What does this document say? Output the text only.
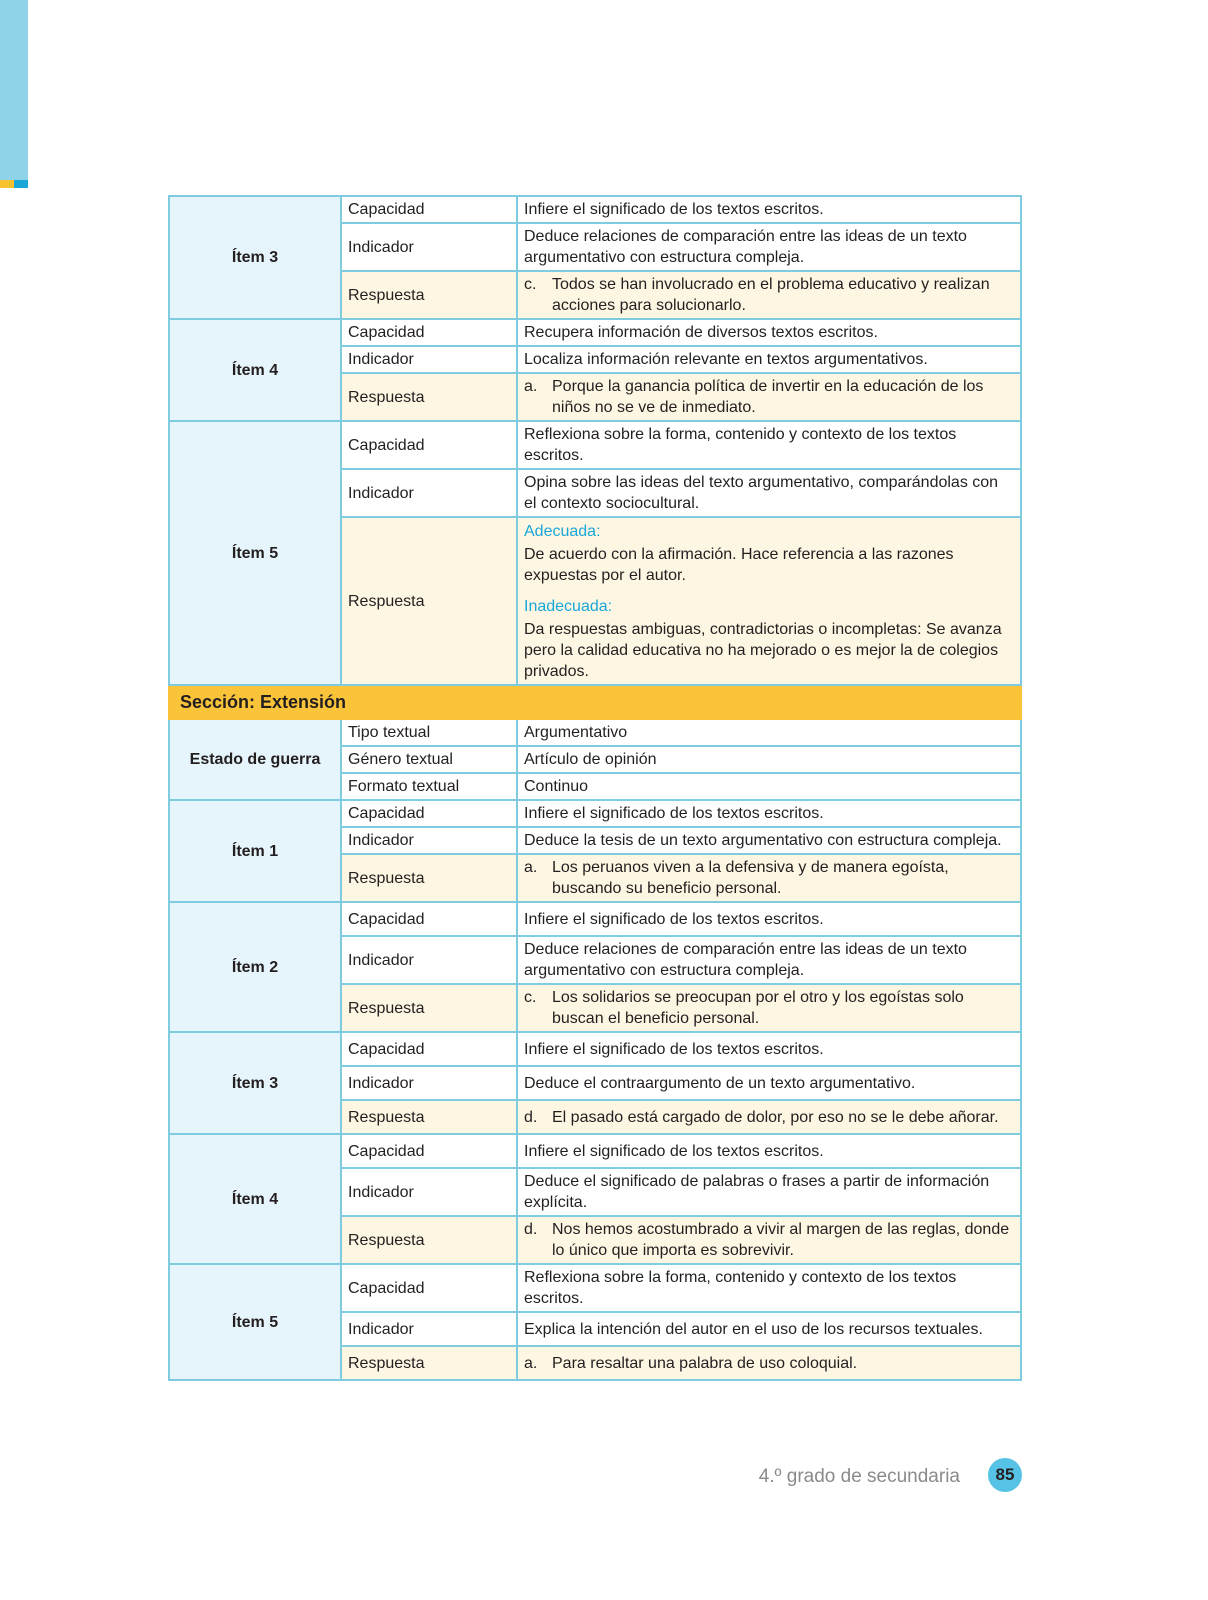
Ítem 3	Capacidad	Infiere el significado de los textos escritos.
	Indicador	Deduce relaciones de comparación entre las ideas de un texto argumentativo con estructura compleja.
	Respuesta	c. Todos se han involucrado en el problema educativo y realizan acciones para solucionarlo.

Ítem 4	Capacidad	Recupera información de diversos textos escritos.
	Indicador	Localiza información relevante en textos argumentativos.
	Respuesta	a. Porque la ganancia política de invertir en la educación de los niños no se ve de inmediato.

Ítem 5	Capacidad	Reflexiona sobre la forma, contenido y contexto de los textos escritos.
	Indicador	Opina sobre las ideas del texto argumentativo, comparándolas con el contexto sociocultural.
	Respuesta	Adecuada:
De acuerdo con la afirmación. Hace referencia a las razones expuestas por el autor.
Inadecuada:
Da respuestas ambiguas, contradictorias o incompletas: Se avanza pero la calidad educativa no ha mejorado o es mejor la de colegios privados.

Sección: Extensión		
Estado de guerra	Tipo textual	Argumentativo
	Género textual	Artículo de opinión
	Formato textual	Continuo
Ítem 1	Capacidad	Infiere el significado de los textos escritos.
	Indicador	Deduce la tesis de un texto argumentativo con estructura compleja.
	Respuesta	a. Los peruanos viven a la defensiva y de manera egoísta, buscando su beneficio personal.

Ítem 2	Capacidad	Infiere el significado de los textos escritos.
	Indicador	Deduce relaciones de comparación entre las ideas de un texto argumentativo con estructura compleja.
	Respuesta	c. Los solidarios se preocupan por el otro y los egoístas solo buscan el beneficio personal.

Ítem 3	Capacidad	Infiere el significado de los textos escritos.
	Indicador	Deduce el contraargumento de un texto argumentativo.
	Respuesta	d. El pasado está cargado de dolor, por eso no se le debe añorar.

Ítem 4	Capacidad	Infiere el significado de los textos escritos.
	Indicador	Deduce el significado de palabras o frases a partir de información explícita.
	Respuesta	d. Nos hemos acostumbrado a vivir al margen de las reglas, donde lo único que importa es sobrevivir.

Ítem 5	Capacidad	Reflexiona sobre la forma, contenido y contexto de los textos escritos.
	Indicador	Explica la intención del autor en el uso de los recursos textuales.
	Respuesta	a. Para resaltar una palabra de uso coloquial.
4.º grado de secundaria	85
